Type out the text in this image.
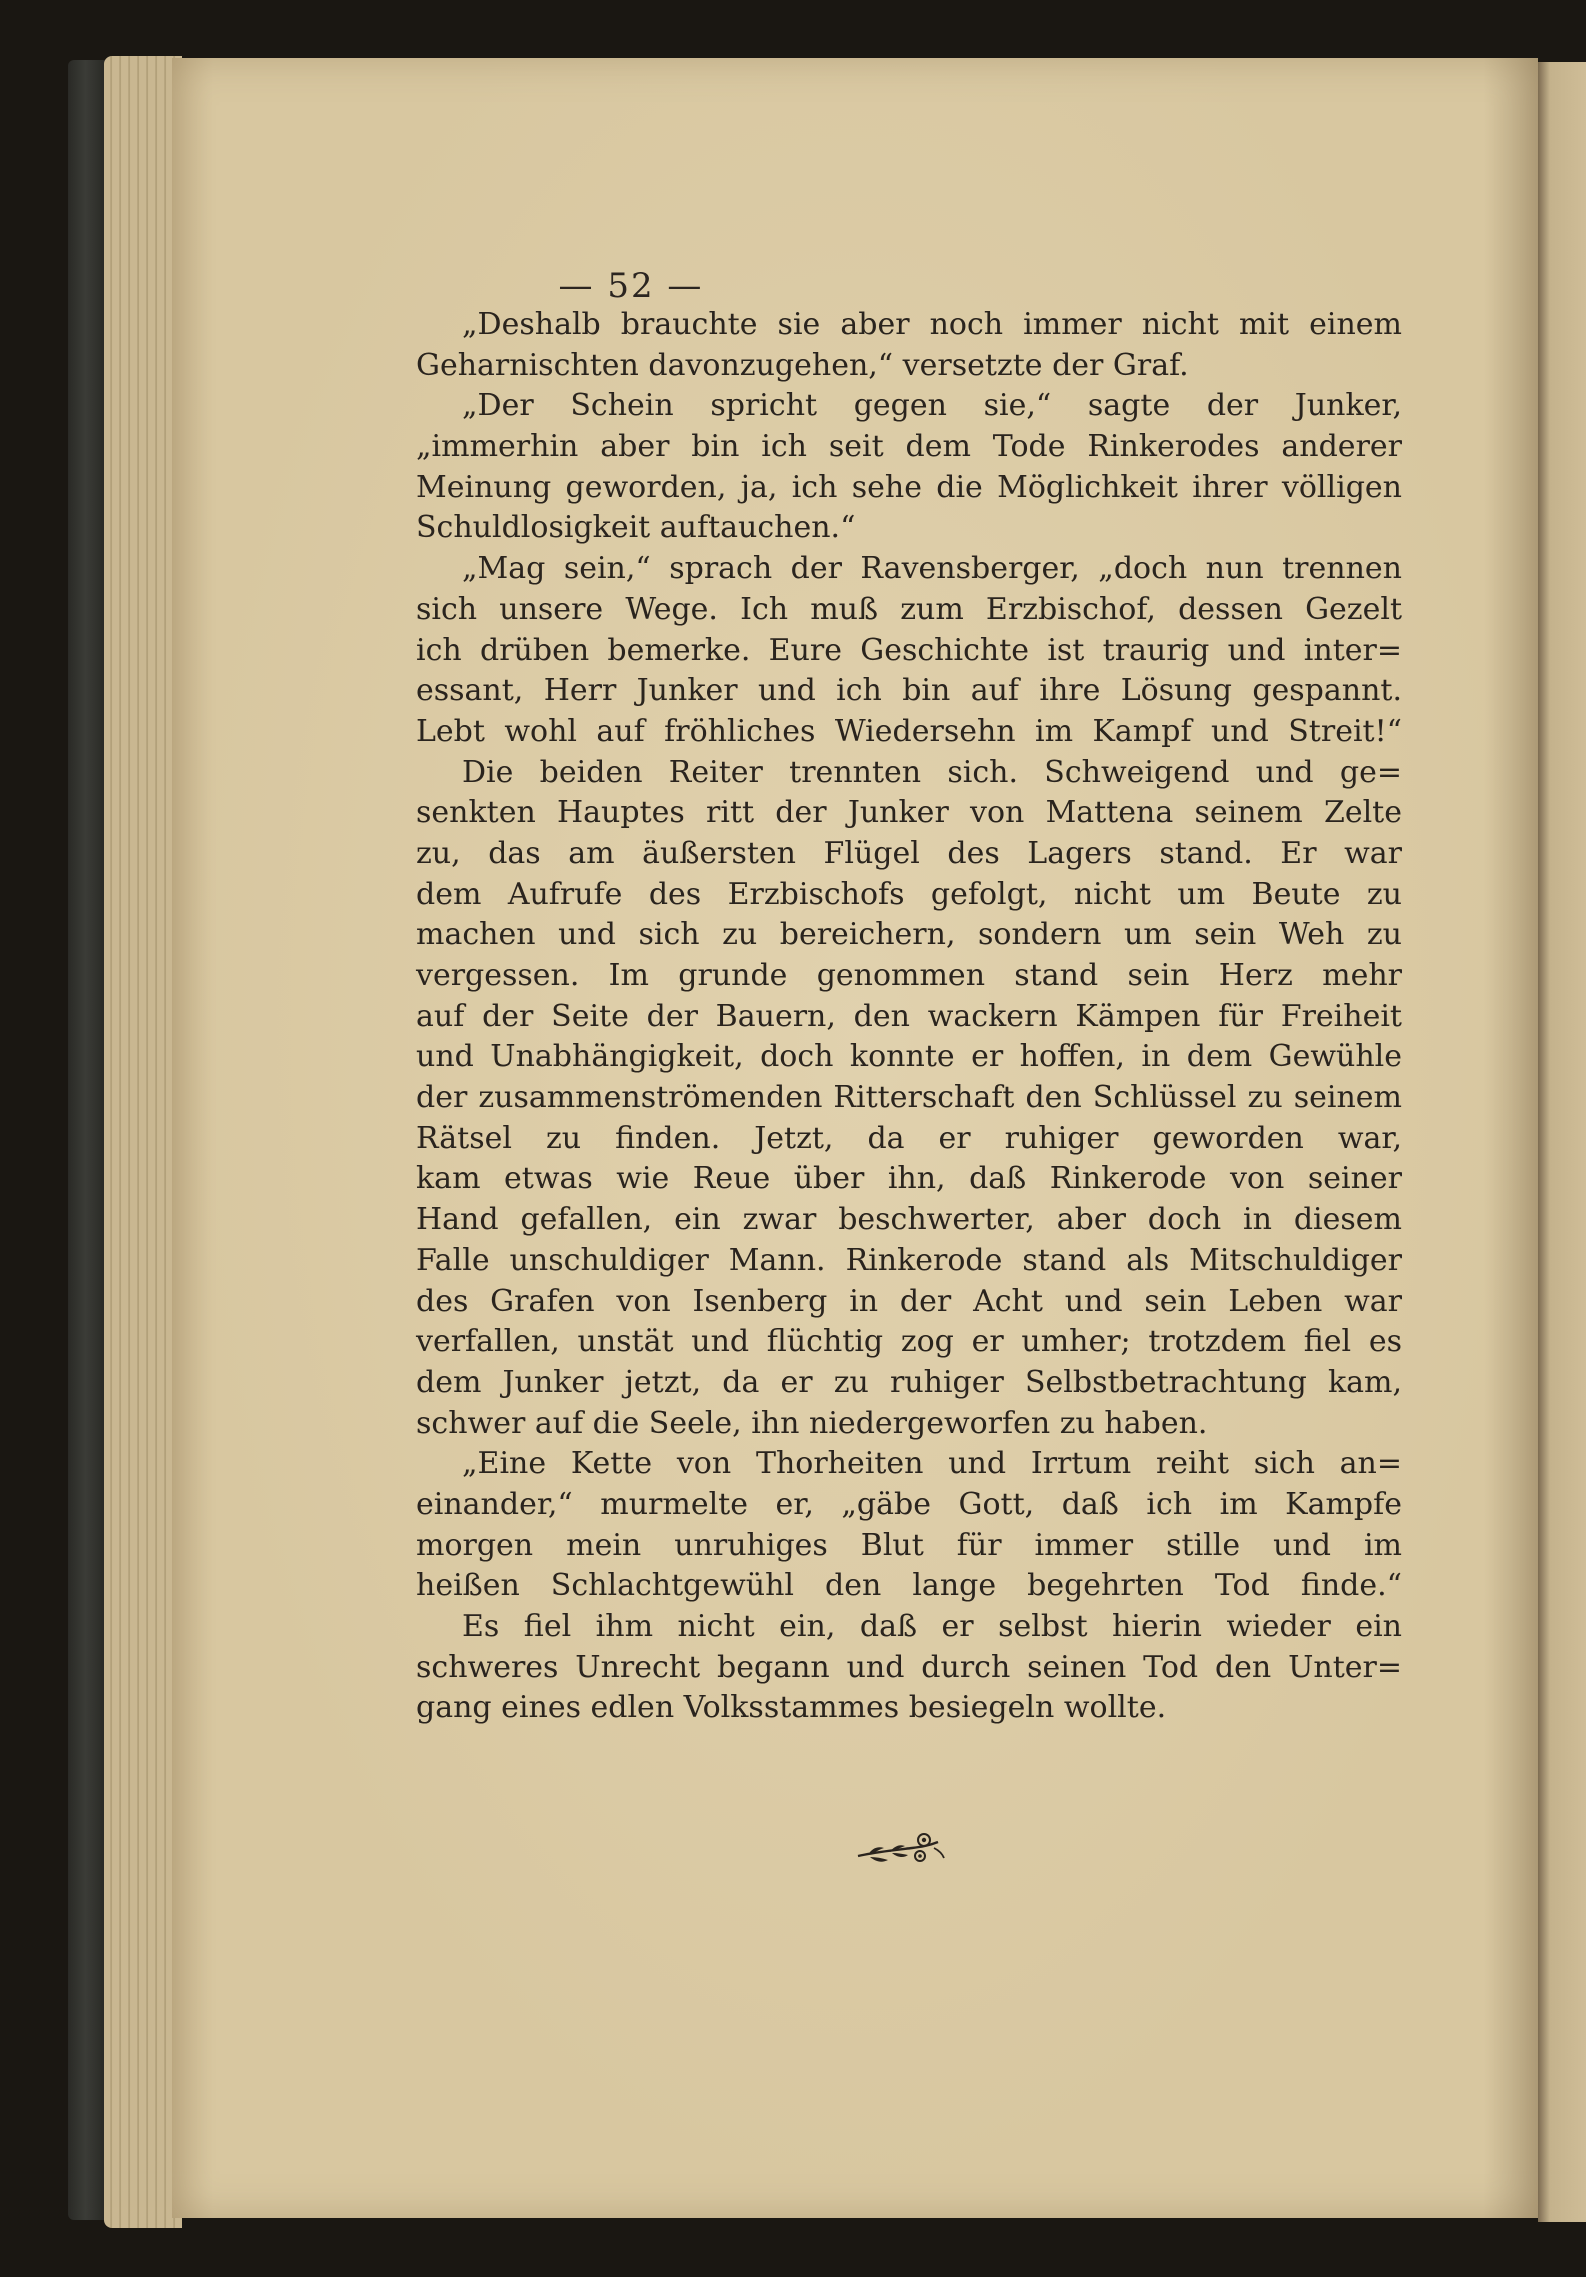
— 52 —
„Deshalb brauchte sie aber noch immer nicht mit einem
Geharnischten davonzugehen,“ versetzte der Graf.
„Der Schein spricht gegen sie,“ sagte der Junker,
„immerhin aber bin ich seit dem Tode Rinkerodes anderer
Meinung geworden, ja, ich sehe die Möglichkeit ihrer völligen
Schuldlosigkeit auftauchen.“
„Mag sein,“ sprach der Ravensberger, „doch nun trennen
sich unsere Wege. Ich muß zum Erzbischof, dessen Gezelt
ich drüben bemerke. Eure Geschichte ist traurig und inter=
essant, Herr Junker und ich bin auf ihre Lösung gespannt.
Lebt wohl auf fröhliches Wiedersehn im Kampf und Streit!“
Die beiden Reiter trennten sich. Schweigend und ge=
senkten Hauptes ritt der Junker von Mattena seinem Zelte
zu, das am äußersten Flügel des Lagers stand. Er war
dem Aufrufe des Erzbischofs gefolgt, nicht um Beute zu
machen und sich zu bereichern, sondern um sein Weh zu
vergessen. Im grunde genommen stand sein Herz mehr
auf der Seite der Bauern, den wackern Kämpen für Freiheit
und Unabhängigkeit, doch konnte er hoffen, in dem Gewühle
der zusammenströmenden Ritterschaft den Schlüssel zu seinem
Rätsel zu finden. Jetzt, da er ruhiger geworden war,
kam etwas wie Reue über ihn, daß Rinkerode von seiner
Hand gefallen, ein zwar beschwerter, aber doch in diesem
Falle unschuldiger Mann. Rinkerode stand als Mitschuldiger
des Grafen von Isenberg in der Acht und sein Leben war
verfallen, unstät und flüchtig zog er umher; trotzdem fiel es
dem Junker jetzt, da er zu ruhiger Selbstbetrachtung kam,
schwer auf die Seele, ihn niedergeworfen zu haben.
„Eine Kette von Thorheiten und Irrtum reiht sich an=
einander,“ murmelte er, „gäbe Gott, daß ich im Kampfe
morgen mein unruhiges Blut für immer stille und im
heißen Schlachtgewühl den lange begehrten Tod finde.“
Es fiel ihm nicht ein, daß er selbst hierin wieder ein
schweres Unrecht begann und durch seinen Tod den Unter=
gang eines edlen Volksstammes besiegeln wollte.
